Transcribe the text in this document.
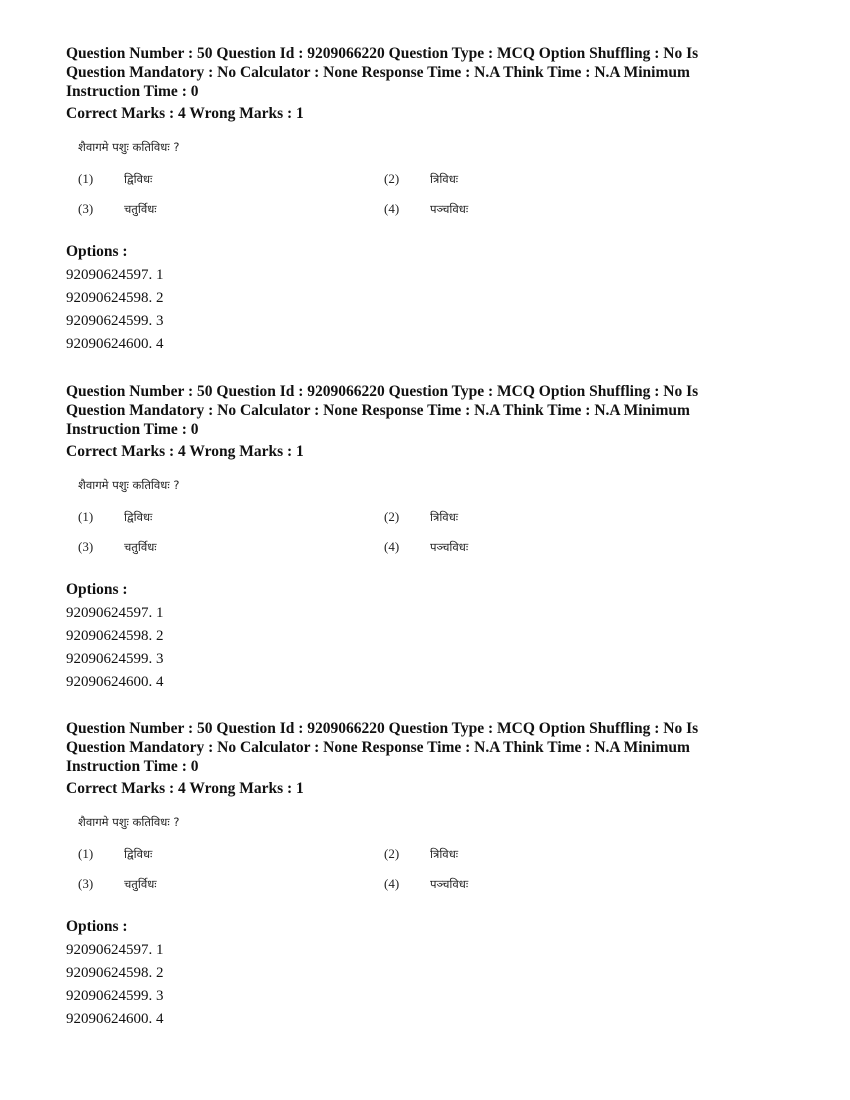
Question Number : 50 Question Id : 9209066220 Question Type : MCQ Option Shuffling : No Is
Question Mandatory : No Calculator : None Response Time : N.A Think Time : N.A Minimum
Instruction Time : 0
Correct Marks : 4 Wrong Marks : 1
शैवागमे पशुः कतिविधः ?
(1)	द्विविधः	(2)	त्रिविधः
(3)	चतुर्विधः	(4)	पञ्चविधः
Options :
92090624597. 1
92090624598. 2
92090624599. 3
92090624600. 4
Question Number : 50 Question Id : 9209066220 Question Type : MCQ Option Shuffling : No Is
Question Mandatory : No Calculator : None Response Time : N.A Think Time : N.A Minimum
Instruction Time : 0
Correct Marks : 4 Wrong Marks : 1
शैवागमे पशुः कतिविधः ?
(1)	द्विविधः	(2)	त्रिविधः
(3)	चतुर्विधः	(4)	पञ्चविधः
Options :
92090624597. 1
92090624598. 2
92090624599. 3
92090624600. 4
Question Number : 50 Question Id : 9209066220 Question Type : MCQ Option Shuffling : No Is
Question Mandatory : No Calculator : None Response Time : N.A Think Time : N.A Minimum
Instruction Time : 0
Correct Marks : 4 Wrong Marks : 1
शैवागमे पशुः कतिविधः ?
(1)	द्विविधः	(2)	त्रिविधः
(3)	चतुर्विधः	(4)	पञ्चविधः
Options :
92090624597. 1
92090624598. 2
92090624599. 3
92090624600. 4
